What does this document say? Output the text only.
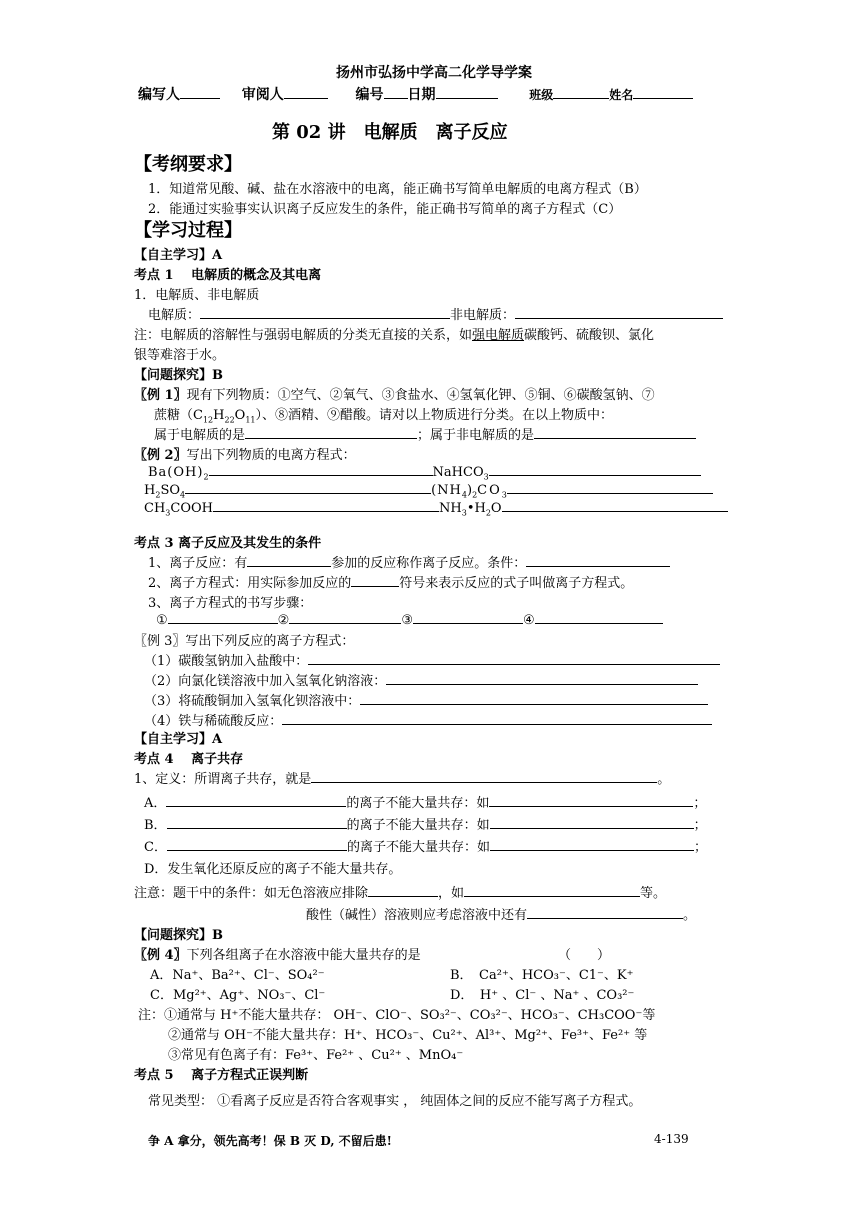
扬州市弘扬中学高二化学导学案
编写人	审阅人	编号 日期	班级	姓名
第 02 讲　电解质　离子反应
【考纲要求】
1．知道常见酸、碱、盐在水溶液中的电离，能正确书写简单电解质的电离方程式（B）
2．能通过实验事实认识离子反应发生的条件，能正确书写简单的离子方程式（C）
【学习过程】
【自主学习】A
考点 1　 电解质的概念及其电离
1．电解质、非电解质
电解质：	非电解质：
注：电解质的溶解性与强弱电解质的分类无直接的关系，如强电解质碳酸钙、硫酸钡、氯化
银等难溶于水。
【问题探究】B
〖例 1〗现有下列物质：①空气、②氧气、③食盐水、④氢氧化钾、⑤铜、⑥碳酸氢钠、⑦
蔗糖$(C_{12}H_{22}O_{11})$、⑧酒精、⑨醋酸。请对以上物质进行分类。在以上物质中：
属于电解质的是	；属于非电解质的是
〖例 2〗写出下列物质的电离方程式：
$Ba(OH)_2$	NaHCO$_3$
$H_2SO_4$	$(NH_4)_2CO_3$
$CH_3COOH$	$NH_3•H_2O$
考点 3 离子反应及其发生的条件
1、离子反应：有	参加的反应称作离子反应。条件：
2、离子方程式：用实际参加反应的	符号来表示反应的式子叫做离子方程式。
3、离子方程式的书写步骤：
①	②	③	④
〖例 3〗写出下列反应的离子方程式：
（1）碳酸氢钠加入盐酸中：
（2）向氯化镁溶液中加入氢氧化钠溶液：
（3）将硫酸铜加入氢氧化钡溶液中：
（4）铁与稀硫酸反应：
【自主学习】A
考点 4　 离子共存
1、定义：所谓离子共存，就是	。
A．	的离子不能大量共存：如	；
B．	的离子不能大量共存：如	；
C．	的离子不能大量共存：如	；
D．发生氧化还原反应的离子不能大量共存。
注意：题干中的条件：如无色溶液应排除	，如	等。
酸性（碱性）溶液则应考虑溶液中还有	。
【问题探究】B
〖例 4〗下列各组离子在水溶液中能大量共存的是	（　　）
A．Na⁺、Ba²⁺、Cl⁻、SO₄²⁻	B．　Ca²⁺、HCO₃⁻、C1⁻、K⁺
C．Mg²⁺、Ag⁺、NO₃⁻、Cl⁻	D．　H⁺ 、Cl⁻ 、Na⁺ 、CO₃²⁻
注：①通常与 H⁺不能大量共存： OH⁻、ClO⁻、SO₃²⁻、CO₃²⁻、HCO₃⁻、CH₃COO⁻等
②通常与 OH⁻不能大量共存：H⁺、HCO₃⁻、Cu²⁺、Al³⁺、Mg²⁺、Fe³⁺、Fe²⁺ 等
③常见有色离子有：Fe³⁺、Fe²⁺ 、Cu²⁺ 、MnO₄⁻
考点 5　 离子方程式正误判断
常见类型： ①看离子反应是否符合客观事实 ， 纯固体之间的反应不能写离子方程式。
争 A 拿分，领先高考！保 B 灭 D, 不留后患!	4-139
